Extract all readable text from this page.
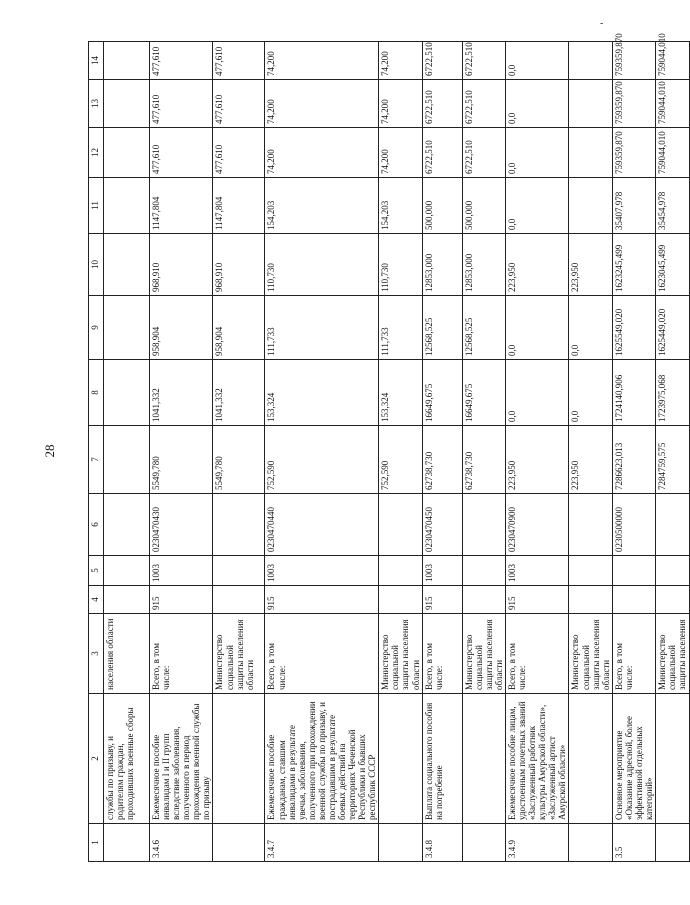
28
-
1	2	3	4	5	6	7	8	9	10	11	12	13	14
	службы по призыву, и родителям граждан, проходивших военные сборы	населения области											
3.4.6	Ежемесячное пособие инвалидам I и II групп вследствие заболевания, полученного в период прохождения военной службы по призыву	Всего, в том числе:	915	1003	0230470430	5549,780	1041,332	958,904	968,910	1147,804	477,610	477,610	477,610
		Министерство социальной защиты населения области				5549,780	1041,332	958,904	968,910	1147,804	477,610	477,610	477,610
3.4.7	Ежемесячное пособие гражданам, ставшим инвалидами в результате увечья, заболевания, полученного при прохождении военной службы по призыву, и пострадавшим в результате боевых действий на территориях Чеченской Республики и бывших республик СССР	Всего, в том числе:	915	1003	0230470440	752,590	153,324	111,733	110,730	154,203	74,200	74,200	74,200
		Министерство социальной защиты населения области				752,590	153,324	111,733	110,730	154,203	74,200	74,200	74,200
3.4.8	Выплата социального пособия на погребение	Всего, в том числе:	915	1003	0230470450	62738,730	16649,675	12568,525	12853,000	500,000	6722,510	6722,510	6722,510
		Министерство социальной защиты населения области				62738,730	16649,675	12568,525	12853,000	500,000	6722,510	6722,510	6722,510
3.4.9	Ежемесячное пособие лицам, удостоенным почетных званий «Заслуженный работник культуры Амурской области», «Заслуженный артист Амурской области»	Всего, в том числе:	915	1003	0230470900	223,950	0,0	0,0	223,950	0,0	0,0	0,0	0,0
		Министерство социальной защиты населения области				223,950	0,0	0,0	223,950				
3.5	Основное мероприятие «Оказание адресной, более эффективной отдельных категорий»	Всего, в том числе:			0230500000	7286623,013	1724140,906	1625549,020	1623245,499	35407,978	759359,870	759359,870	759359,870
		Министерство социальной защиты населения				7284759,575	1723975,068	1625449,020	1623045,499	35454,978	759044,010	759044,010	759044,010
